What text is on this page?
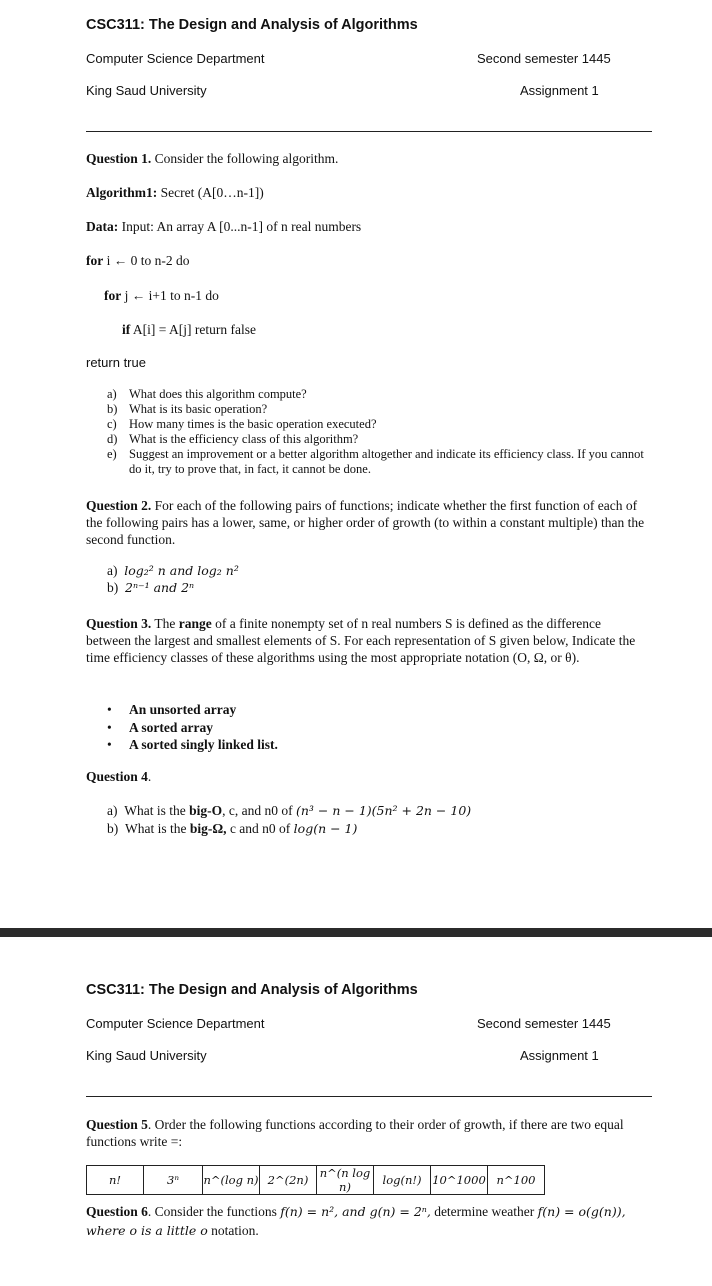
CSC311: The Design and Analysis of Algorithms
Computer Science Department	Second semester 1445
King Saud University	Assignment 1
Question 1. Consider the following algorithm.
Algorithm1: Secret (A[0…n-1])
Data: Input: An array A [0...n-1] of n real numbers
for i ← 0 to n-2 do
for j ← i+1 to n-1 do
if A[i] = A[j] return false
return true
a) What does this algorithm compute?
b) What is its basic operation?
c) How many times is the basic operation executed?
d) What is the efficiency class of this algorithm?
e) Suggest an improvement or a better algorithm altogether and indicate its efficiency class. If you cannot do it, try to prove that, in fact, it cannot be done.
Question 2. For each of the following pairs of functions; indicate whether the first function of each of the following pairs has a lower, same, or higher order of growth (to within a constant multiple) than the second function.
a) log₂² n and log₂ n²
b) 2ⁿ⁻¹ and 2ⁿ
Question 3. The range of a finite nonempty set of n real numbers S is defined as the difference between the largest and smallest elements of S. For each representation of S given below, Indicate the time efficiency classes of these algorithms using the most appropriate notation (O, Ω, or θ).
• An unsorted array
• A sorted array
• A sorted singly linked list.
Question 4.
a) What is the big-O, c, and n0 of (n³ − n − 1)(5n² + 2n − 10)
b) What is the big-Ω, c and n0 of log(n − 1)
CSC311: The Design and Analysis of Algorithms
Computer Science Department	Second semester 1445
King Saud University	Assignment 1
Question 5. Order the following functions according to their order of growth, if there are two equal functions write =:
n!	3ⁿ	n^(log n)	2^(2n)	n^(n log n)	log(n!)	10^1000	n^100
Question 6. Consider the functions f(n) = n², and g(n) = 2ⁿ, determine weather f(n) = o(g(n)), where o is a little o notation.
